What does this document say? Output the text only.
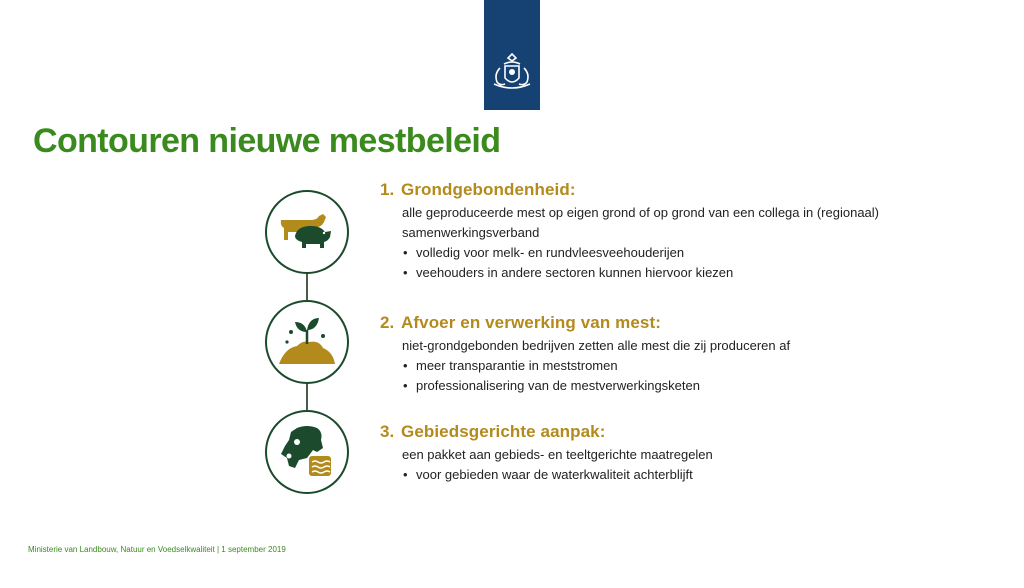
Contouren nieuwe mestbeleid

1. Grondgebondenheid:

alle geproduceerde mest op eigen grond of op grond van een collega in (regionaal) samenwerkingsverband

• volledig voor melk- en rundvleesveehouderijen
• veehouders in andere sectoren kunnen hiervoor kiezen

2. Afvoer en verwerking van mest:

niet-grondgebonden bedrijven zetten alle mest die zij produceren af

• meer transparantie in meststromen
• professionalisering van de mestverwerkingsketen

3. Gebiedsgerichte aanpak:

een pakket aan gebieds- en teeltgerichte maatregelen

• voor gebieden waar de waterkwaliteit achterblijft
Ministerie van Landbouw, Natuur en Voedselkwaliteit | 1 september 2019
